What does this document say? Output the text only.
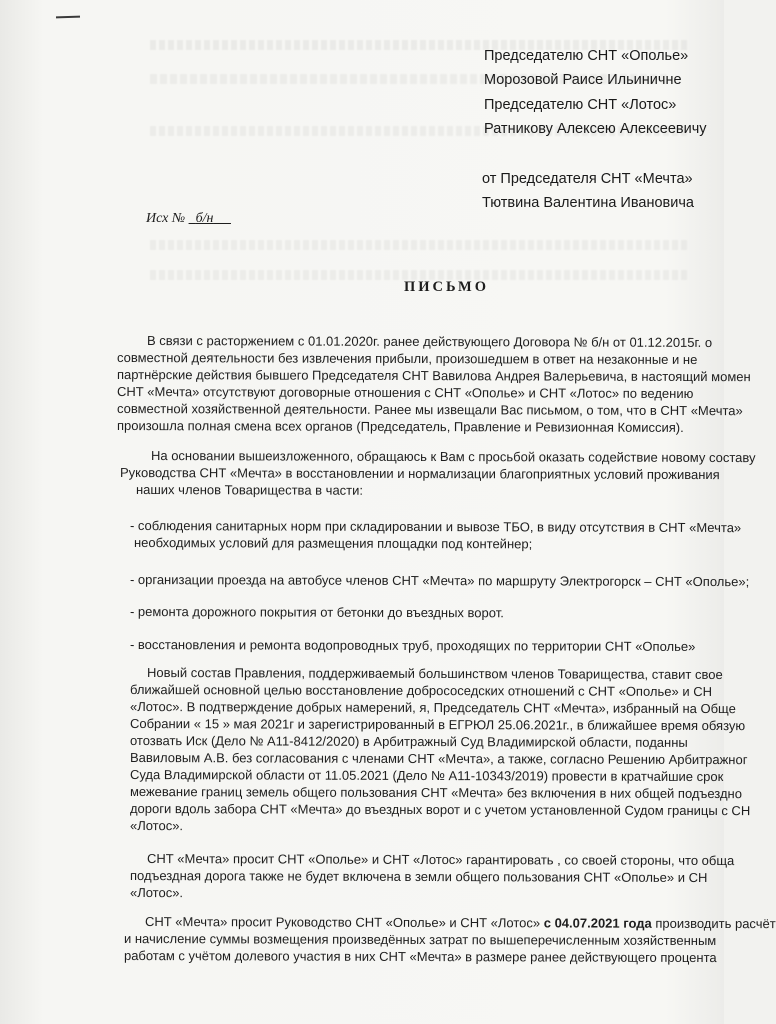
Председателю СНТ «Ополье»
Морозовой Раисе Ильиничне
Председателю СНТ «Лотос»
Ратникову Алексею Алексеевичу
от Председателя СНТ «Мечта»
Тютвина Валентина Ивановича
Исх № б/н
ПИСЬМО
В связи с расторжением с 01.01.2020г. ранее действующего Договора № б/н от 01.12.2015г. о
совместной деятельности без извлечения прибыли, произошедшем в ответ на незаконные и не
партнёрские действия бывшего Председателя СНТ Вавилова Андрея Валерьевича, в настоящий момен
СНТ «Мечта» отсутствуют договорные отношения с СНТ «Ополье» и СНТ «Лотос» по ведению
совместной хозяйственной деятельности. Ранее мы извещали Вас письмом, о том, что в СНТ «Мечта»
произошла полная смена всех органов (Председатель, Правление и Ревизионная Комиссия).
На основании вышеизложенного, обращаюсь к Вам с просьбой оказать содействие новому составу
Руководства СНТ «Мечта» в восстановлении и нормализации благоприятных условий проживания
наших членов Товарищества в части:
- соблюдения санитарных норм при складировании и вывозе ТБО, в виду отсутствия в СНТ «Мечта»
необходимых условий для размещения площадки под контейнер;
- организации проезда на автобусе членов СНТ «Мечта» по маршруту Электрогорск – СНТ «Ополье»;
- ремонта дорожного покрытия от бетонки до въездных ворот.
- восстановления и ремонта водопроводных труб, проходящих по территории СНТ «Ополье»
Новый состав Правления, поддерживаемый большинством членов Товарищества, ставит свое
ближайшей основной целью восстановление добрососедских отношений с СНТ «Ополье» и СН
«Лотос». В подтверждение добрых намерений, я, Председатель СНТ «Мечта», избранный на Обще
Собрании « 15 » мая 2021г и зарегистрированный в ЕГРЮЛ 25.06.2021г., в ближайшее время обязую
отозвать Иск (Дело № А11-8412/2020) в Арбитражный Суд Владимирской области, поданны
Вавиловым А.В. без согласования с членами СНТ «Мечта», а также, согласно Решению Арбитражног
Суда Владимирской области от 11.05.2021 (Дело № А11-10343/2019) провести в кратчайшие срок
межевание границ земель общего пользования СНТ «Мечта» без включения в них общей подъездно
дороги вдоль забора СНТ «Мечта» до въездных ворот и с учетом установленной Судом границы с СН
«Лотос».
СНТ «Мечта» просит СНТ «Ополье» и СНТ «Лотос» гарантировать , со своей стороны, что обща
подъездная дорога также не будет включена в земли общего пользования СНТ «Ополье» и СН
«Лотос».
СНТ «Мечта» просит Руководство СНТ «Ополье» и СНТ «Лотос» с 04.07.2021 года производить расчёт
и начисление суммы возмещения произведённых затрат по вышеперечисленным хозяйственным
работам с учётом долевого участия в них СНТ «Мечта» в размере ранее действующего процента
